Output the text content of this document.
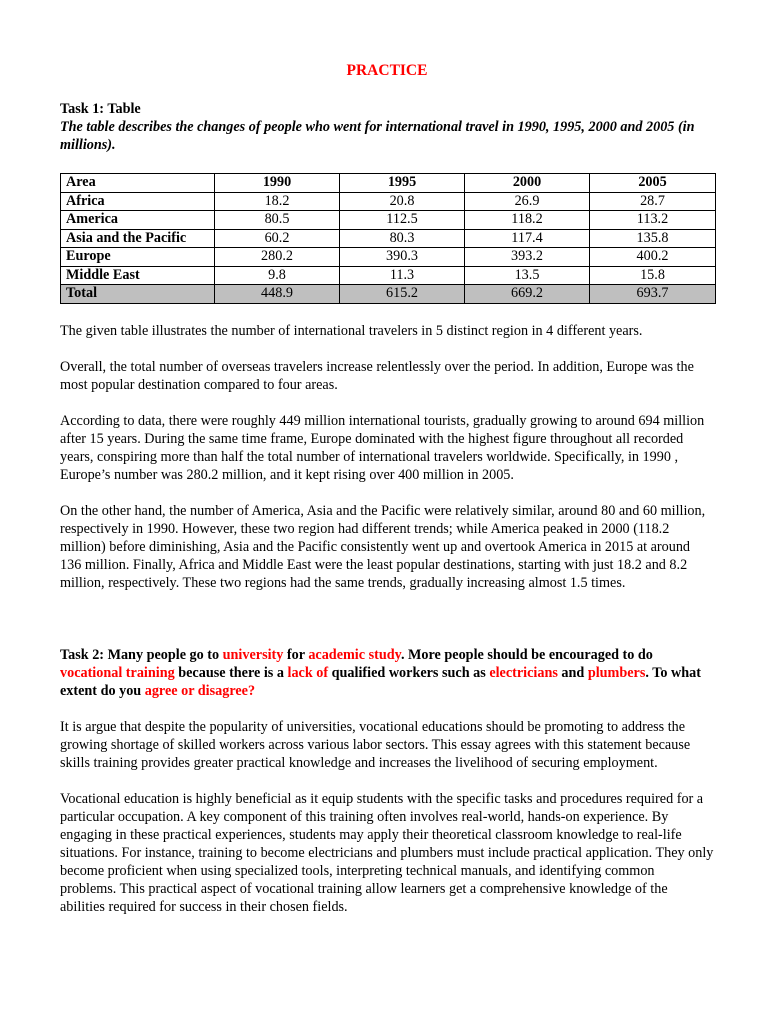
PRACTICE
Task 1: Table
The table describes the changes of people who went for international travel in 1990, 1995, 2000 and 2005 (in millions).
Area	1990	1995	2000	2005
Africa	18.2	20.8	26.9	28.7
America	80.5	112.5	118.2	113.2
Asia and the Pacific	60.2	80.3	117.4	135.8
Europe	280.2	390.3	393.2	400.2
Middle East	9.8	11.3	13.5	15.8
Total	448.9	615.2	669.2	693.7

The given table illustrates the number of international travelers in 5 distinct region in 4 different years.

Overall, the total number of overseas travelers increase relentlessly over the period. In addition, Europe was the most popular destination compared to four areas.

According to data, there were roughly 449 million international tourists, gradually growing to around 694 million after 15 years. During the same time frame, Europe dominated with the highest figure throughout all recorded years, conspiring more than half the total number of international travelers worldwide. Specifically, in 1990 , Europe’s number was 280.2 million, and it kept rising over 400 million in 2005.

On the other hand, the number of America, Asia and the Pacific were relatively similar, around 80 and 60 million, respectively in 1990. However, these two region had different trends; while America peaked in 2000 (118.2 million) before diminishing, Asia and the Pacific consistently went up and overtook America in 2015 at around 136 million. Finally, Africa and Middle East were the least popular destinations, starting with just 18.2 and 8.2 million, respectively. These two regions had the same trends, gradually increasing almost 1.5 times.

Task 2: Many people go to university for academic study. More people should be encouraged to do vocational training because there is a lack of qualified workers such as electricians and plumbers. To what extent do you agree or disagree?

It is argue that despite the popularity of universities, vocational educations should be promoting to address the growing shortage of skilled workers across various labor sectors. This essay agrees with this statement because skills training provides greater practical knowledge and increases the livelihood of securing employment.

Vocational education is highly beneficial as it equip students with the specific tasks and procedures required for a particular occupation. A key component of this training often involves real-world, hands-on experience. By engaging in these practical experiences, students may apply their theoretical classroom knowledge to real-life situations. For instance, training to become electricians and plumbers must include practical application. They only become proficient when using specialized tools, interpreting technical manuals, and identifying common problems. This practical aspect of vocational training allow learners get a comprehensive knowledge of the abilities required for success in their chosen fields.
